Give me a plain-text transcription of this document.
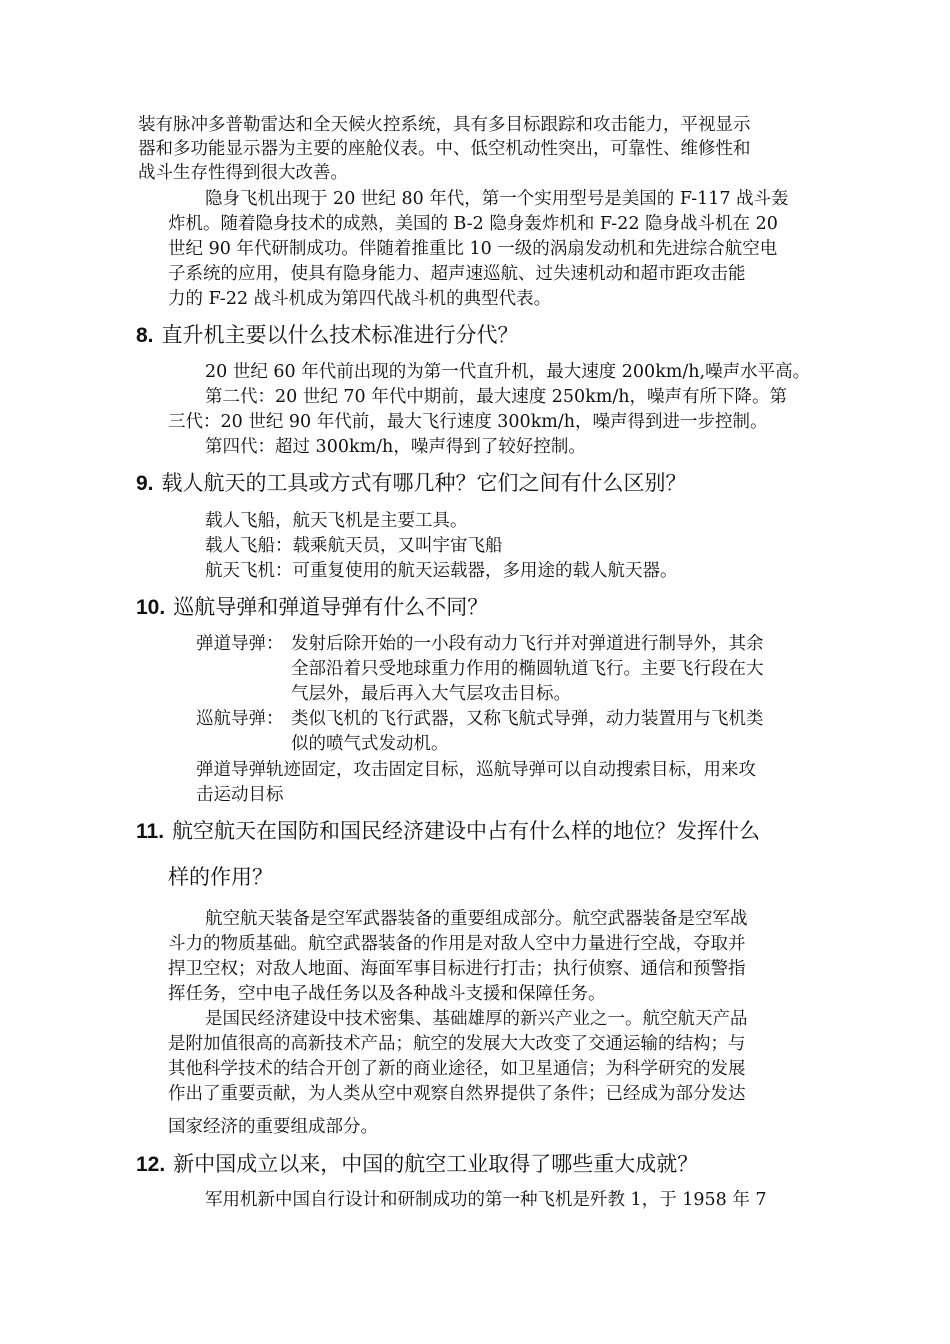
装有脉冲多普勒雷达和全天候火控系统，具有多目标跟踪和攻击能力，平视显示
器和多功能显示器为主要的座舱仪表。中、低空机动性突出，可靠性、维修性和
战斗生存性得到很大改善。
隐身飞机出现于 20 世纪 80 年代，第一个实用型号是美国的 F-117 战斗轰
炸机。随着隐身技术的成熟，美国的 B-2 隐身轰炸机和 F-22 隐身战斗机在 20
世纪 90 年代研制成功。伴随着推重比 10 一级的涡扇发动机和先进综合航空电
子系统的应用，使具有隐身能力、超声速巡航、过失速机动和超市距攻击能
力的 F-22 战斗机成为第四代战斗机的典型代表。
8. 直升机主要以什么技术标准进行分代？
20 世纪 60 年代前出现的为第一代直升机，最大速度 200km/h,噪声水平高。
第二代：20 世纪 70 年代中期前，最大速度 250km/h，噪声有所下降。第
三代：20 世纪 90 年代前，最大飞行速度 300km/h，噪声得到进一步控制。
第四代：超过 300km/h，噪声得到了较好控制。
9. 载人航天的工具或方式有哪几种？它们之间有什么区别？
载人飞船，航天飞机是主要工具。
载人飞船：载乘航天员，又叫宇宙飞船
航天飞机：可重复使用的航天运载器，多用途的载人航天器。
10. 巡航导弹和弹道导弹有什么不同？
弹道导弹： 发射后除开始的一小段有动力飞行并对弹道进行制导外，其余
全部沿着只受地球重力作用的椭圆轨道飞行。主要飞行段在大
气层外，最后再入大气层攻击目标。
巡航导弹： 类似飞机的飞行武器，又称飞航式导弹，动力装置用与飞机类
似的喷气式发动机。
弹道导弹轨迹固定，攻击固定目标，巡航导弹可以自动搜索目标，用来攻
击运动目标
11. 航空航天在国防和国民经济建设中占有什么样的地位？发挥什么
样的作用？
航空航天装备是空军武器装备的重要组成部分。航空武器装备是空军战
斗力的物质基础。航空武器装备的作用是对敌人空中力量进行空战，夺取并
捍卫空权；对敌人地面、海面军事目标进行打击；执行侦察、通信和预警指
挥任务，空中电子战任务以及各种战斗支援和保障任务。
是国民经济建设中技术密集、基础雄厚的新兴产业之一。航空航天产品
是附加值很高的高新技术产品；航空的发展大大改变了交通运输的结构；与
其他科学技术的结合开创了新的商业途径，如卫星通信；为科学研究的发展
作出了重要贡献，为人类从空中观察自然界提供了条件；已经成为部分发达
国家经济的重要组成部分。
12. 新中国成立以来，中国的航空工业取得了哪些重大成就？
军用机新中国自行设计和研制成功的第一种飞机是歼教 1，于 1958 年 7
